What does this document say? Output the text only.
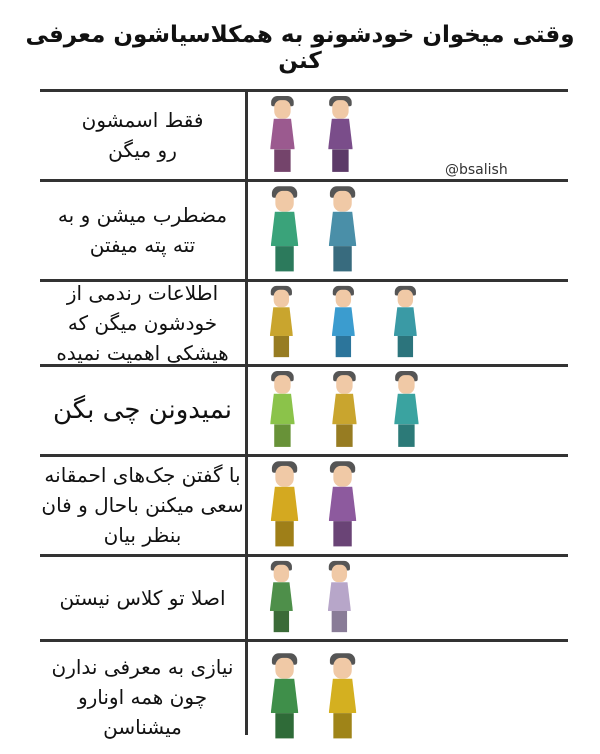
وقتی میخوان خودشونو به همکلاسیاشون معرفی کنن
@bsalish
فقط اسمشون
رو میگن
مضطرب میشن و به
تته پته میفتن
اطلاعات رندمی از
خودشون میگن که
هیشکی اهمیت نمیده
نمیدونن چی بگن
با گفتن جک‌های احمقانه
سعی میکنن باحال و فان
بنظر بیان
اصلا تو کلاس نیستن
نیازی به معرفی ندارن
چون همه اونارو
میشناسن
